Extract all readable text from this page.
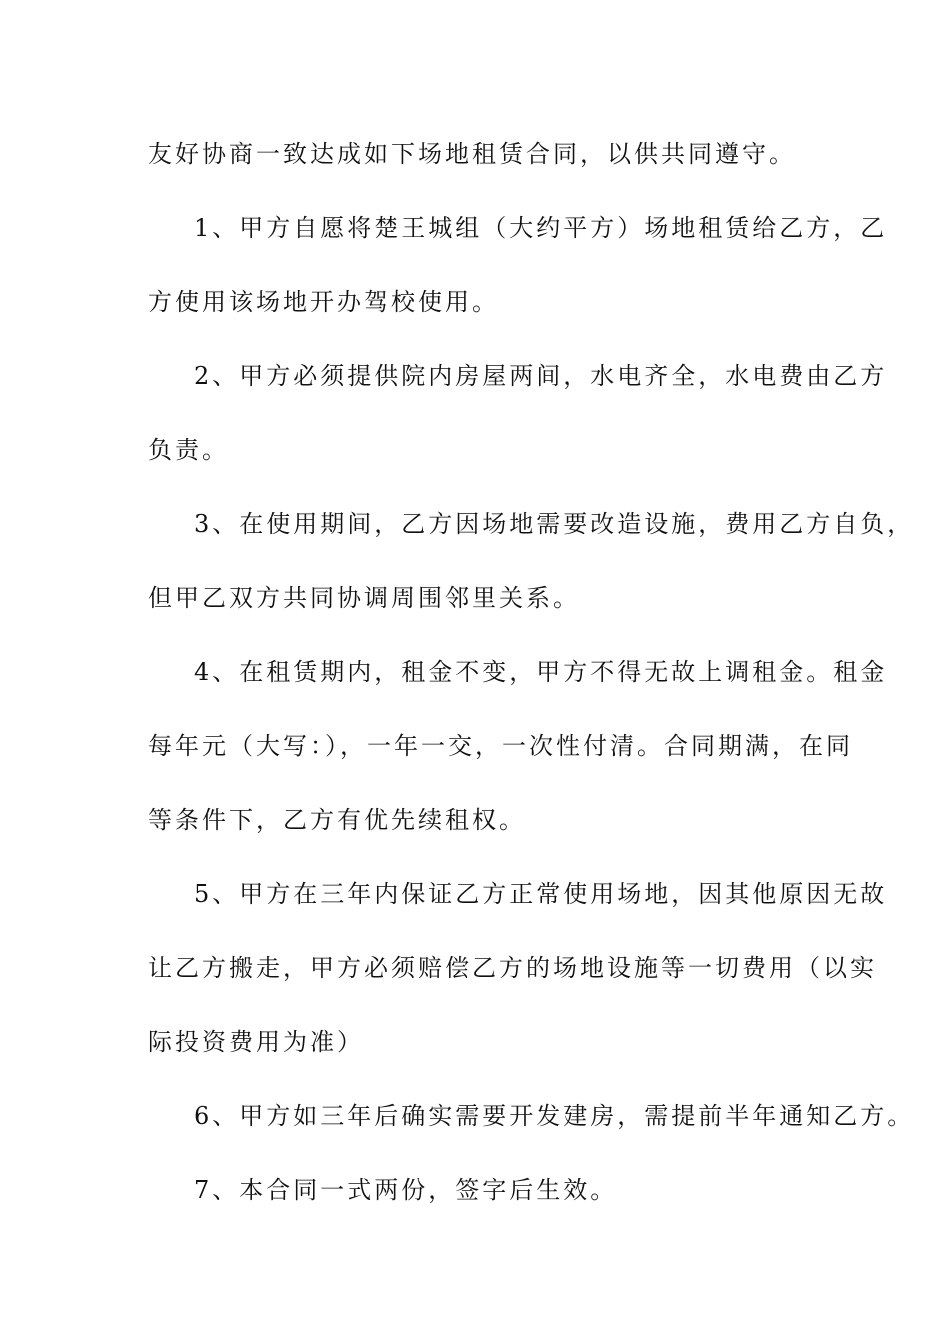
友好协商一致达成如下场地租赁合同，以供共同遵守。
1、甲方自愿将楚王城组（大约平方）场地租赁给乙方，乙
方使用该场地开办驾校使用。
2、甲方必须提供院内房屋两间，水电齐全，水电费由乙方
负责。
3、在使用期间，乙方因场地需要改造设施，费用乙方自负，
但甲乙双方共同协调周围邻里关系。
4、在租赁期内，租金不变，甲方不得无故上调租金。租金
每年元（大写：），一年一交，一次性付清。合同期满，在同
等条件下，乙方有优先续租权。
5、甲方在三年内保证乙方正常使用场地，因其他原因无故
让乙方搬走，甲方必须赔偿乙方的场地设施等一切费用（以实
际投资费用为准）
6、甲方如三年后确实需要开发建房，需提前半年通知乙方。
7、本合同一式两份，签字后生效。
